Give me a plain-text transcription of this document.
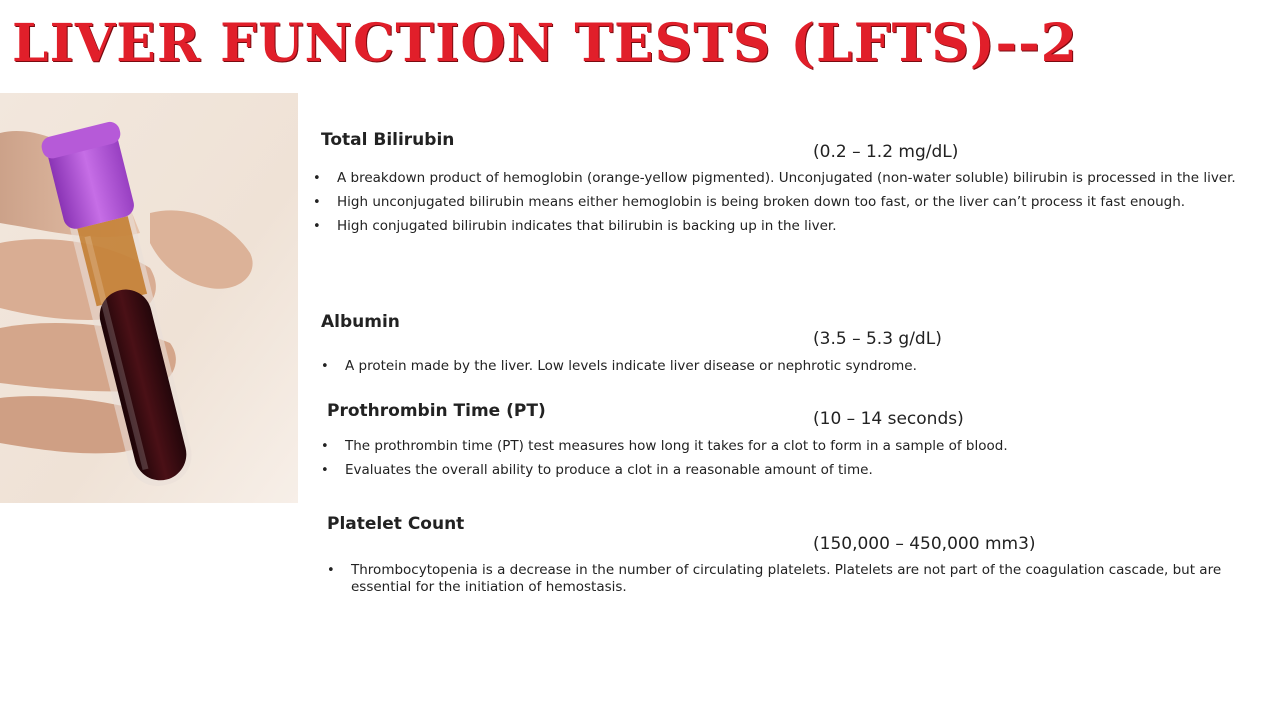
LIVER FUNCTION TESTS (LFTS)--2
Total Bilirubin
(0.2 – 1.2 mg/dL)
• A breakdown product of hemoglobin (orange-yellow pigmented). Unconjugated (non-water soluble) bilirubin is processed in the liver.
• High unconjugated bilirubin means either hemoglobin is being broken down too fast, or the liver can’t process it fast enough.
• High conjugated bilirubin indicates that bilirubin is backing up in the liver.
Albumin
(3.5 – 5.3 g/dL)
• A protein made by the liver. Low levels indicate liver disease or nephrotic syndrome.
Prothrombin Time (PT)	(10 – 14 seconds)
• The prothrombin time (PT) test measures how long it takes for a clot to form in a sample of blood.
• Evaluates the overall ability to produce a clot in a reasonable amount of time.
Platelet Count
(150,000 – 450,000 mm3)
• Thrombocytopenia is a decrease in the number of circulating platelets. Platelets are not part of the coagulation cascade, but are essential for the initiation of hemostasis.
